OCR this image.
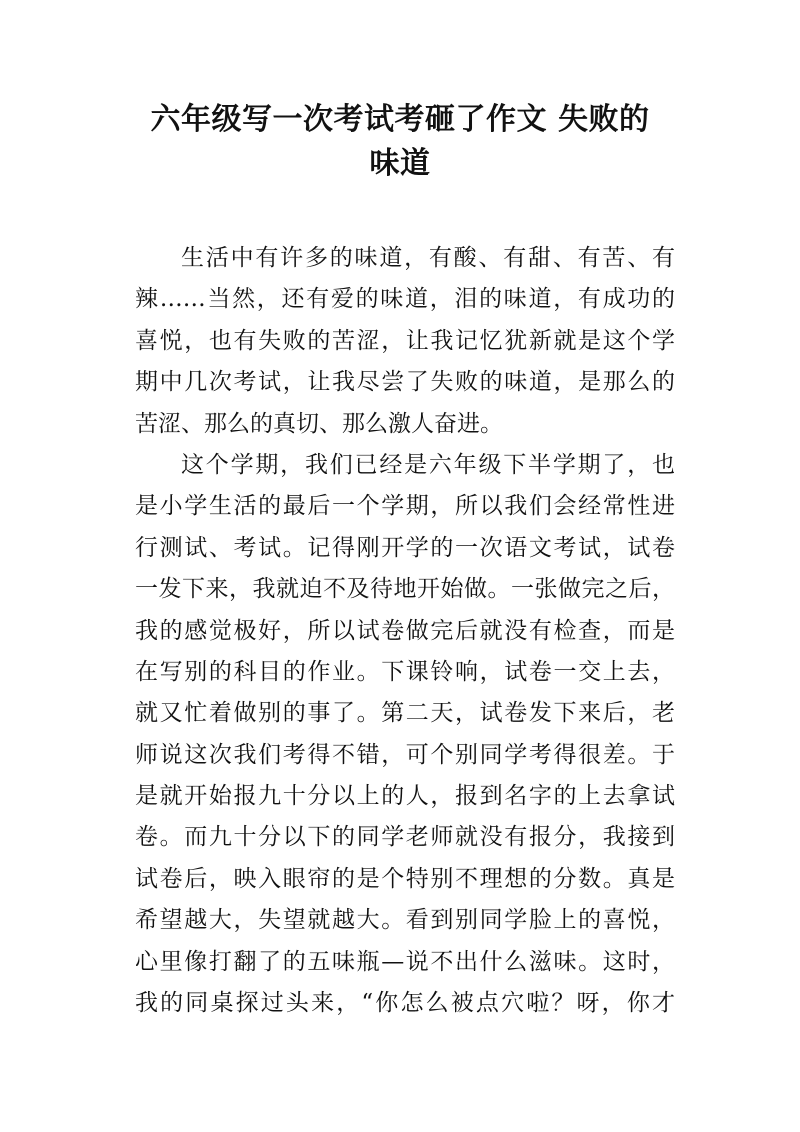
六年级写一次考试考砸了作文 失败的
味道
生活中有许多的味道，有酸、有甜、有苦、有
辣……当然，还有爱的味道，泪的味道，有成功的
喜悦，也有失败的苦涩，让我记忆犹新就是这个学
期中几次考试，让我尽尝了失败的味道，是那么的
苦涩、那么的真切、那么激人奋进。
这个学期，我们已经是六年级下半学期了，也
是小学生活的最后一个学期，所以我们会经常性进
行测试、考试。记得刚开学的一次语文考试，试卷
一发下来，我就迫不及待地开始做。一张做完之后，
我的感觉极好，所以试卷做完后就没有检查，而是
在写别的科目的作业。下课铃响，试卷一交上去，
就又忙着做别的事了。第二天，试卷发下来后，老
师说这次我们考得不错，可个别同学考得很差。于
是就开始报九十分以上的人，报到名字的上去拿试
卷。而九十分以下的同学老师就没有报分，我接到
试卷后，映入眼帘的是个特别不理想的分数。真是
希望越大，失望就越大。看到别同学脸上的喜悦，
心里像打翻了的五味瓶—说不出什么滋味。这时，
我的同桌探过头来，“你怎么被点穴啦？呀，你才
